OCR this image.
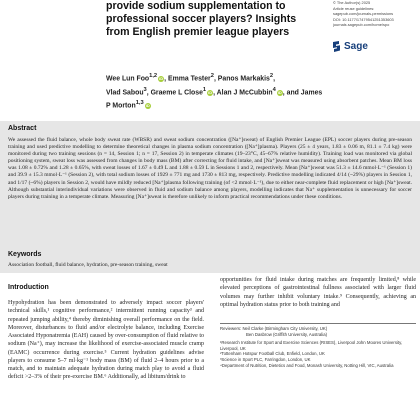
provide sodium supplementation to professional soccer players? Insights from English premier league players
© The Author(s) 2025
Article reuse guidelines:
sagepub.com/journals-permissions
DOI: 10.1177/17479541251353603
journals.sagepub.com/home/spo
Sage
Wee Lun Foo$^{1,2}$ iD, Emma Tester$^2$, Panos Markakis$^2$,
Vlad Sabou$^3$, Graeme L Close$^1$ iD, Alan J McCubbin$^4$ iD, and James
P Morton$^{1,3}$ iD
Abstract
We assessed the fluid balance, whole body sweat rate (WBSR) and sweat sodium concentration ([Na⁺]sweat) of English Premier League (EPL) soccer players during pre-season training and used predictive modelling to determine theoretical changes in plasma sodium concentration ([Na⁺]plasma). Players (25 ± 4 years, 1.83 ± 0.06 m, 81.1 ± 7.4 kg) were monitored during two training sessions (n = 14, Session 1; n = 17, Session 2) in temperate climates (19–23°C, 45–67% relative humidity). Training load was monitored via global positioning system, sweat loss was assessed from changes in body mass (BM) after correcting for fluid intake, and [Na⁺]sweat was measured using absorbent patches. Mean BM loss was 1.08 ± 0.72% and 1.28 ± 0.65%, with sweat losses of 1.67 ± 0.49 L and 1.88 ± 0.59 L in Sessions 1 and 2, respectively. Mean [Na⁺]sweat was 51.3 ± 14.6 mmol·L⁻¹ (Session 1) and 39.9 ± 15.3 mmol·L⁻¹ (Session 2), with total sodium losses of 1929 ± 771 mg and 1730 ± 813 mg, respectively. Predictive modelling indicated 4/14 (~29%) players in Session 1, and 1/17 (~6%) players in Session 2, would have mildly reduced [Na⁺]plasma following training (of <2 mmol·L⁻¹), due to either near-complete fluid replacement or high [Na⁺]sweat. Although substantial interindividual variations were observed in fluid and sodium balance among players, modelling indicates that Na⁺ supplementation is unnecessary for soccer players during training in a temperate climate. Measuring [Na⁺]sweat is therefore unlikely to inform practical recommendations under these conditions.
Keywords
Association football, fluid balance, hydration, pre-season training, sweat
Introduction
Hypohydration has been demonstrated to adversely impact soccer players' technical skills,¹ cognitive performance,² intermittent running capacity³ and repeated jumping ability,⁴ thereby diminishing overall performance on the field. Moreover, disturbances to fluid and/or electrolyte balance, including Exercise Associated Hyponatremia (EAH) caused by over-consumption of fluid relative to sodium (Na⁺), may increase the likelihood of exercise-associated muscle cramp (EAMC) occurrence during exercise.⁵ Current hydration guidelines advise players to consume 5–7 ml·kg⁻¹ body mass (BM) of fluid 2–4 hours prior to a match, and to maintain adequate hydration during match play to avoid a fluid deficit >2–3% of their pre-exercise BM.⁶ Additionally, ad libitum/drink to
opportunities for fluid intake during matches are frequently limited,⁸ while elevated perceptions of gastrointestinal fullness associated with larger fluid volumes may further inhibit voluntary intake.⁹ Consequently, achieving an optimal hydration status prior to both training and
Reviewers: Neil Clarke (Birmingham City University, UK)
Ben Dasbrow (Griffith University, Australia)
¹Research Institute for Sport and Exercise Sciences (RISES), Liverpool John Moores University, Liverpool, UK
²Tottenham Hotspur Football Club, Enfield, London, UK
³Science in Sport PLC, Farringdon, London, UK
⁴Department of Nutrition, Dietetics and Food, Monash University, Notting Hill, VIC, Australia
